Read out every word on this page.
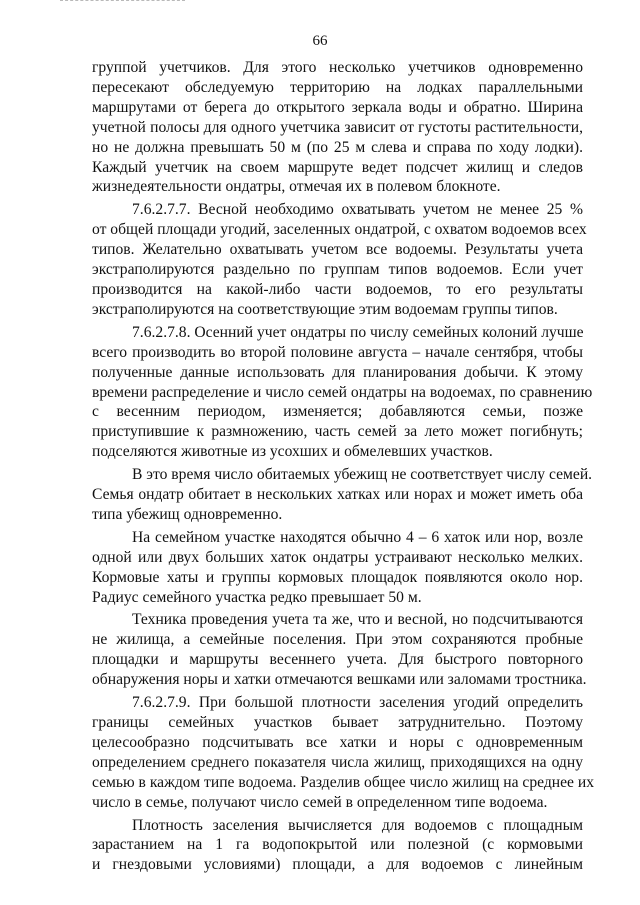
66
группой учетчиков. Для этого несколько учетчиков одновременно
пересекают обследуемую территорию на лодках параллельными
маршрутами от берега до открытого зеркала воды и обратно. Ширина
учетной полосы для одного учетчика зависит от густоты растительности,
но не должна превышать 50 м (по 25 м слева и справа по ходу лодки).
Каждый учетчик на своем маршруте ведет подсчет жилищ и следов
жизнедеятельности ондатры, отмечая их в полевом блокноте.
7.6.2.7.7. Весной необходимо охватывать учетом не менее 25 %
от общей площади угодий, заселенных ондатрой, с охватом водоемов всех
типов. Желательно охватывать учетом все водоемы. Результаты учета
экстраполируются раздельно по группам типов водоемов. Если учет
производится на какой-либо части водоемов, то его результаты
экстраполируются на соответствующие этим водоемам группы типов.
7.6.2.7.8. Осенний учет ондатры по числу семейных колоний лучше
всего производить во второй половине августа – начале сентября, чтобы
полученные данные использовать для планирования добычи. К этому
времени распределение и число семей ондатры на водоемах, по сравнению
с весенним периодом, изменяется; добавляются семьи, позже
приступившие к размножению, часть семей за лето может погибнуть;
подселяются животные из усохших и обмелевших участков.
В это время число обитаемых убежищ не соответствует числу семей.
Семья ондатр обитает в нескольких хатках или норах и может иметь оба
типа убежищ одновременно.
На семейном участке находятся обычно 4 – 6 хаток или нор, возле
одной или двух больших хаток ондатры устраивают несколько мелких.
Кормовые хаты и группы кормовых площадок появляются около нор.
Радиус семейного участка редко превышает 50 м.
Техника проведения учета та же, что и весной, но подсчитываются
не жилища, а семейные поселения. При этом сохраняются пробные
площадки и маршруты весеннего учета. Для быстрого повторного
обнаружения норы и хатки отмечаются вешками или заломами тростника.
7.6.2.7.9. При большой плотности заселения угодий определить
границы семейных участков бывает затруднительно. Поэтому
целесообразно подсчитывать все хатки и норы с одновременным
определением среднего показателя числа жилищ, приходящихся на одну
семью в каждом типе водоема. Разделив общее число жилищ на среднее их
число в семье, получают число семей в определенном типе водоема.
Плотность заселения вычисляется для водоемов с площадным
зарастанием на 1 га водопокрытой или полезной (с кормовыми
и гнездовыми условиями) площади, а для водоемов с линейным
